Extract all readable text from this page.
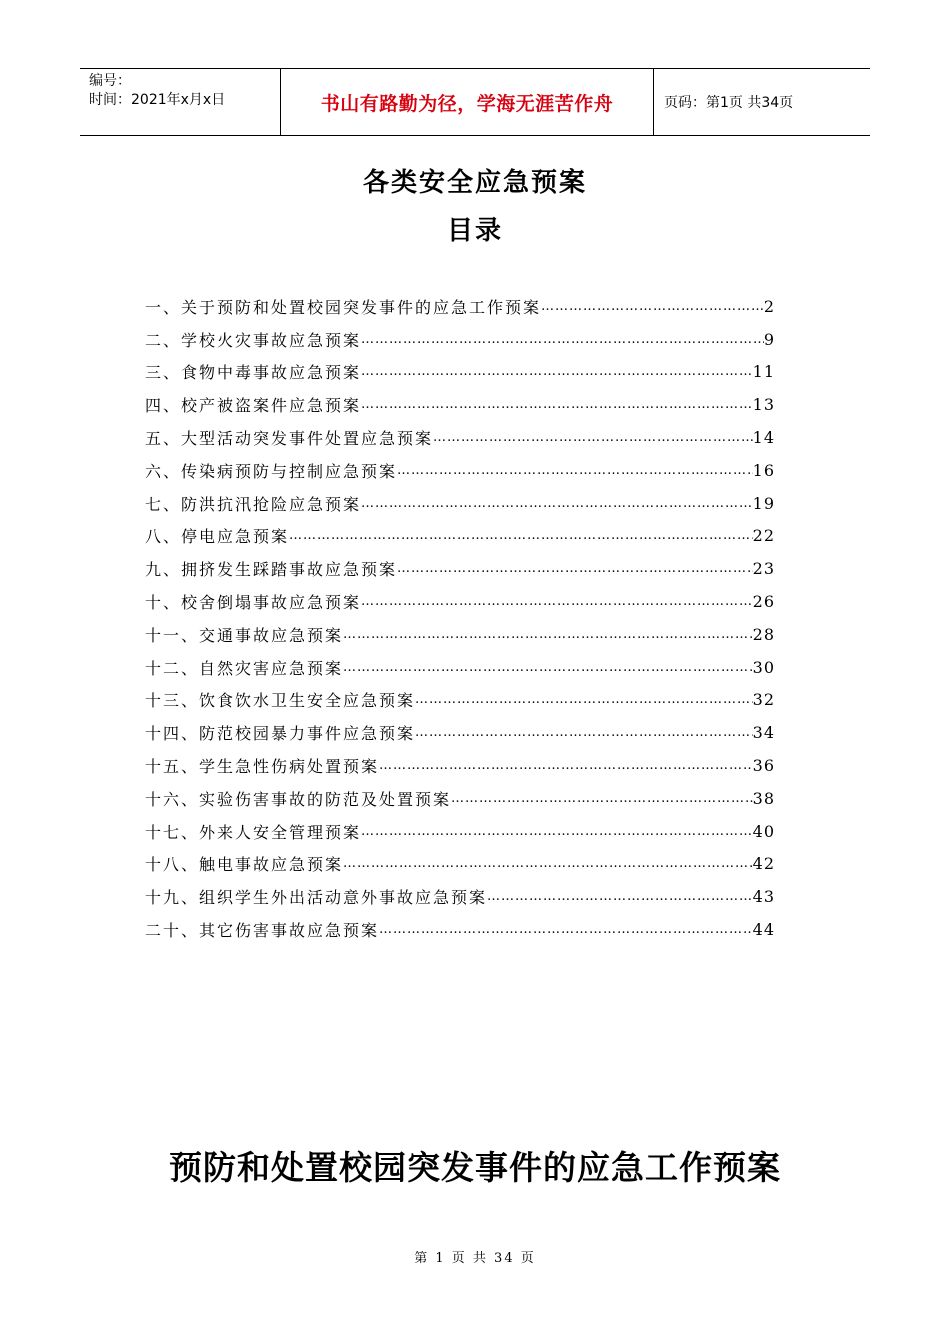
编号：
时间：2021年x月x日	书山有路勤为径，学海无涯苦作舟	页码：第1页 共34页
各类安全应急预案
目录
一、关于预防和处置校园突发事件的应急工作预案 ……………………………………………………………………………………………………………………………………………………………………	2
二、学校火灾事故应急预案 ……………………………………………………………………………………………………………………………………………………………………	9
三、食物中毒事故应急预案 ……………………………………………………………………………………………………………………………………………………………………	11
四、校产被盗案件应急预案 ……………………………………………………………………………………………………………………………………………………………………	13
五、大型活动突发事件处置应急预案 ……………………………………………………………………………………………………………………………………………………………………	14
六、传染病预防与控制应急预案 ……………………………………………………………………………………………………………………………………………………………………	16
七、防洪抗汛抢险应急预案 ……………………………………………………………………………………………………………………………………………………………………	19
八、停电应急预案 ……………………………………………………………………………………………………………………………………………………………………	22
九、拥挤发生踩踏事故应急预案 ……………………………………………………………………………………………………………………………………………………………………	23
十、校舍倒塌事故应急预案 ……………………………………………………………………………………………………………………………………………………………………	26
十一、交通事故应急预案 ……………………………………………………………………………………………………………………………………………………………………	28
十二、自然灾害应急预案 ……………………………………………………………………………………………………………………………………………………………………	30
十三、饮食饮水卫生安全应急预案 ……………………………………………………………………………………………………………………………………………………………………	32
十四、防范校园暴力事件应急预案 ……………………………………………………………………………………………………………………………………………………………………	34
十五、学生急性伤病处置预案 ……………………………………………………………………………………………………………………………………………………………………	36
十六、实验伤害事故的防范及处置预案 ……………………………………………………………………………………………………………………………………………………………………	38
十七、外来人安全管理预案 ……………………………………………………………………………………………………………………………………………………………………	40
十八、触电事故应急预案 ……………………………………………………………………………………………………………………………………………………………………	42
十九、组织学生外出活动意外事故应急预案 ……………………………………………………………………………………………………………………………………………………………………	43
二十、其它伤害事故应急预案 ……………………………………………………………………………………………………………………………………………………………………	44
预防和处置校园突发事件的应急工作预案
第 1 页 共 34 页
